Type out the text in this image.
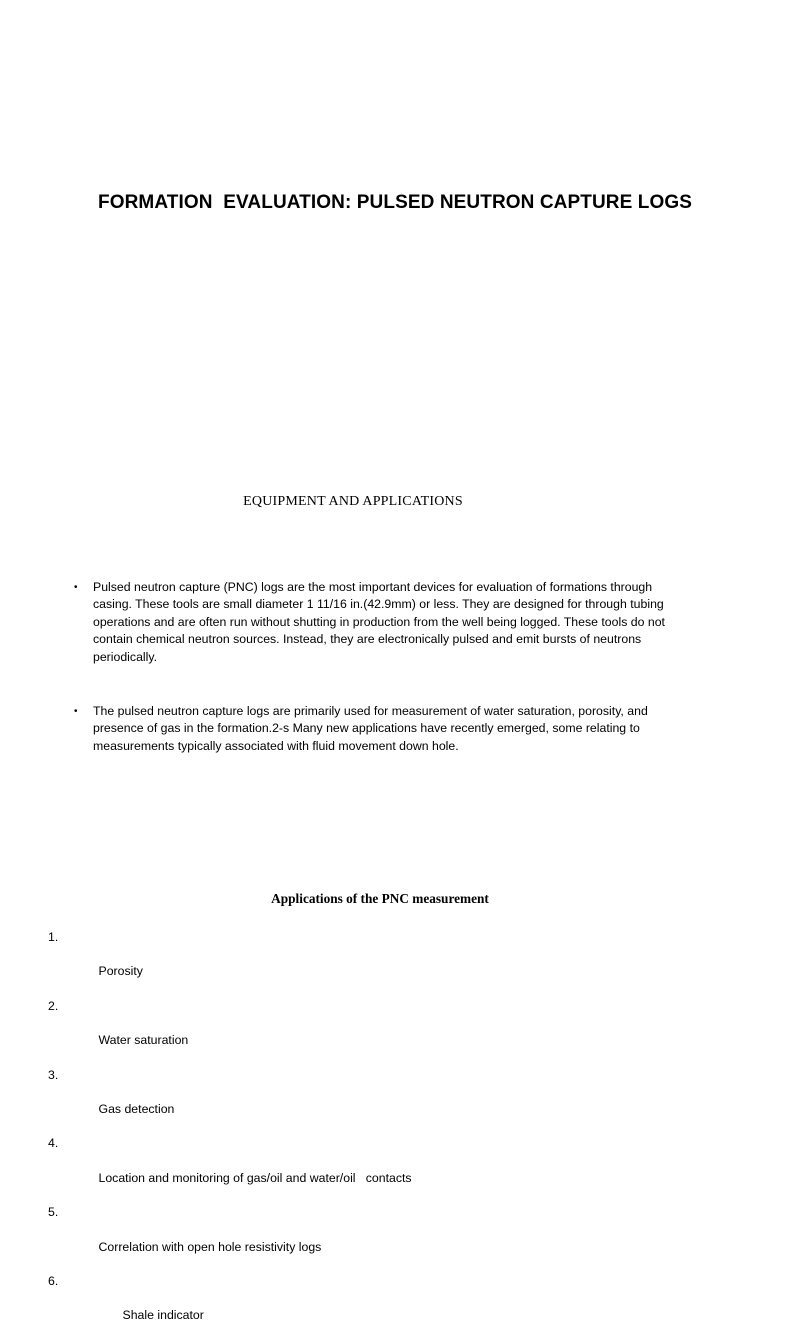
FORMATION  EVALUATION: PULSED NEUTRON CAPTURE LOGS
EQUIPMENT AND APPLICATIONS
• Pulsed neutron capture (PNC) logs are the most important devices for evaluation of formations through casing. These tools are small diameter 1 11/16 in.(42.9mm) or less. They are designed for through tubing operations and are often run without shutting in production from the well being logged. These tools do not contain chemical neutron sources. Instead, they are electronically pulsed and emit bursts of neutrons periodically.
• The pulsed neutron capture logs are primarily used for measurement of water saturation, porosity, and presence of gas in the formation.2-s Many new applications have recently emerged, some relating to measurements typically associated with fluid movement down hole.
Applications of the PNC measurement

1.

Porosity

2.

Water saturation

3.

Gas detection

4.

Location and monitoring of gas/oil and water/oil   contacts

5.

Correlation with open hole resistivity logs

6.

Shale indicator
